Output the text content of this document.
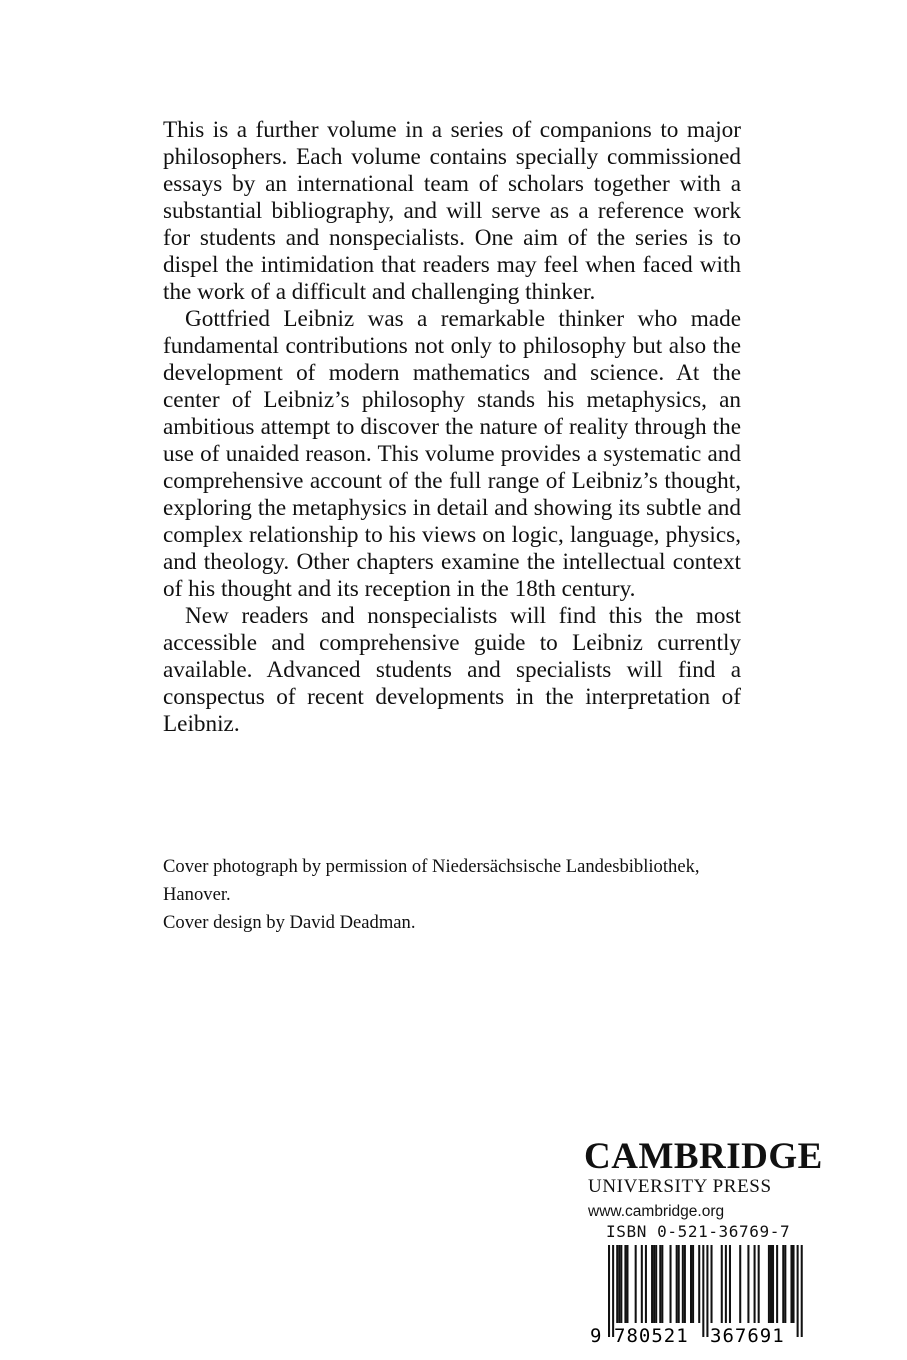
This is a further volume in a series of companions to major philosophers. Each volume contains specially commissioned essays by an international team of scholars together with a substantial bibliography, and will serve as a reference work for students and nonspecialists. One aim of the series is to dispel the intimidation that readers may feel when faced with the work of a difficult and challenging thinker.

Gottfried Leibniz was a remarkable thinker who made fundamental contributions not only to philosophy but also the development of modern mathematics and science. At the center of Leibniz’s philosophy stands his metaphysics, an ambitious attempt to discover the nature of reality through the use of unaided reason. This volume provides a systematic and comprehensive account of the full range of Leibniz’s thought, exploring the metaphysics in detail and showing its subtle and complex relationship to his views on logic, language, physics, and theology. Other chapters examine the intellectual context of his thought and its reception in the 18th century.

New readers and nonspecialists will find this the most accessible and comprehensive guide to Leibniz currently available. Advanced students and specialists will find a conspectus of recent developments in the interpretation of Leibniz.

Cover photograph by permission of Niedersächsische Landesbibliothek, Hanover.

Cover design by David Deadman.

CAMBRIDGE
UNIVERSITY PRESS
www.cambridge.org
ISBN 0-521-36769-7
9 780521 367691
